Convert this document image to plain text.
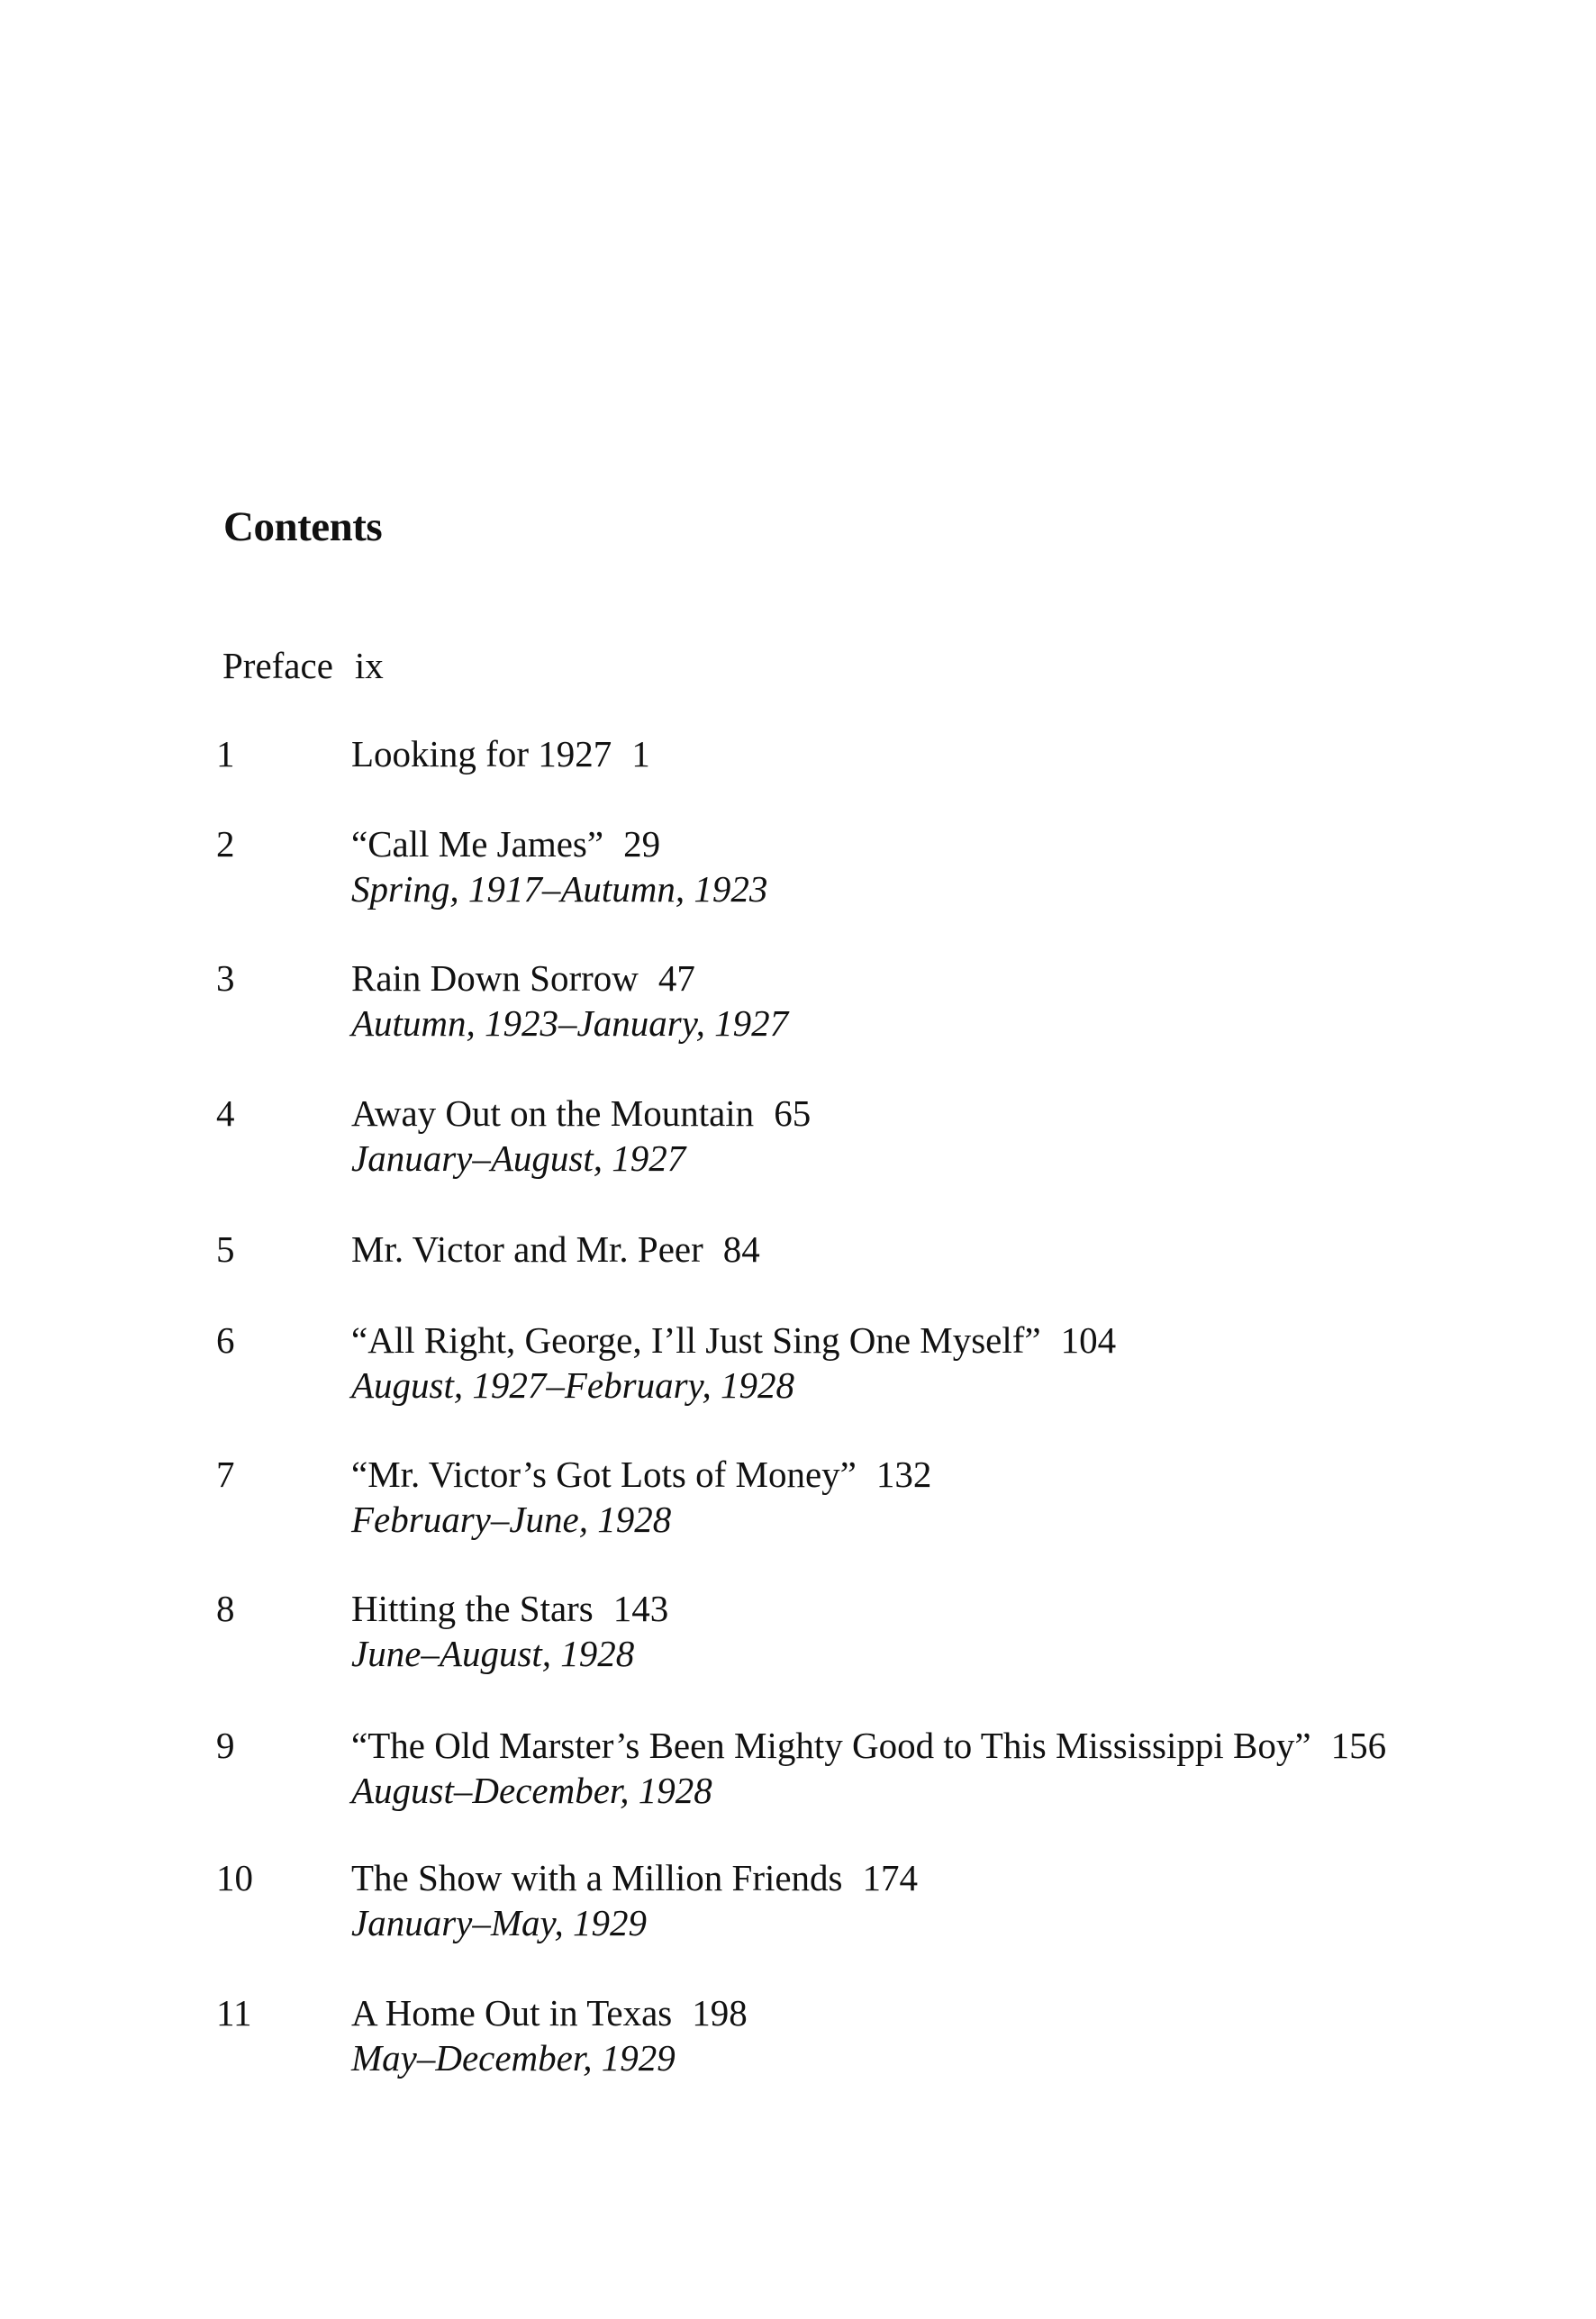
Contents
Preface ix
1	Looking for 1927 1
2	“Call Me James” 29
Spring, 1917–Autumn, 1923
3	Rain Down Sorrow 47
Autumn, 1923–January, 1927
4	Away Out on the Mountain 65
January–August, 1927
5	Mr. Victor and Mr. Peer 84
6	“All Right, George, I’ll Just Sing One Myself” 104
August, 1927–February, 1928
7	“Mr. Victor’s Got Lots of Money” 132
February–June, 1928
8	Hitting the Stars 143
June–August, 1928
9	“The Old Marster’s Been Mighty Good to This Mississippi Boy” 156
August–December, 1928
10	The Show with a Million Friends 174
January–May, 1929
11	A Home Out in Texas 198
May–December, 1929
